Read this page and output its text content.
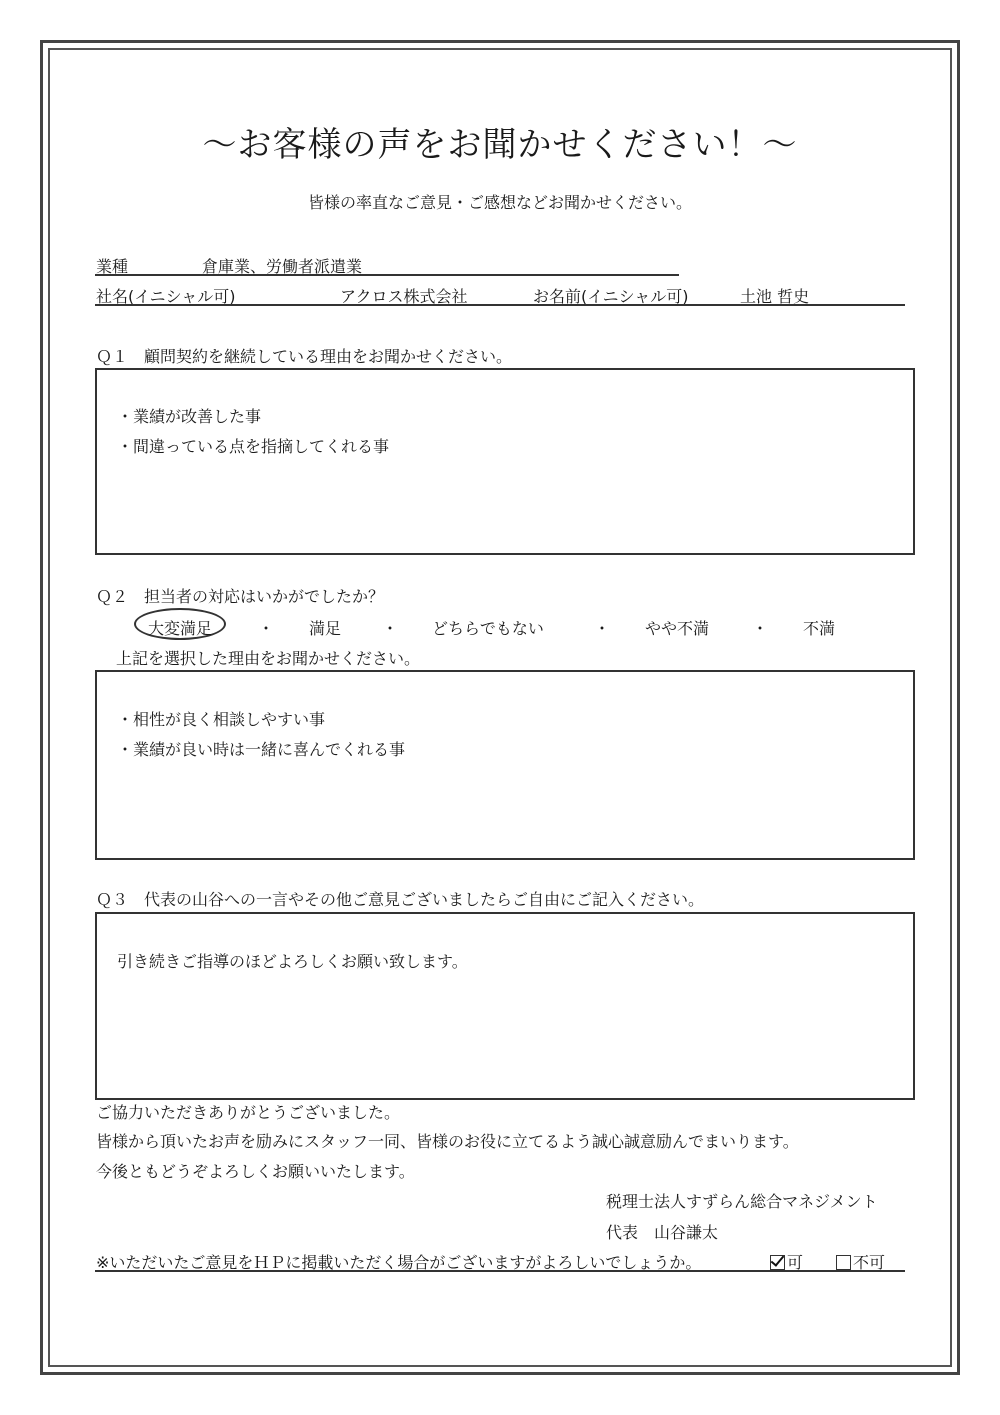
〜お客様の声をお聞かせください！〜
皆様の率直なご意見・ご感想などお聞かせください。
業種	倉庫業、労働者派遣業
社名(イニシャル可)	アクロス株式会社	お名前(イニシャル可)	土池 哲史
Ｑ１　顧問契約を継続している理由をお聞かせください。
・業績が改善した事
・間違っている点を指摘してくれる事
Ｑ２　担当者の対応はいかがでしたか？
大変満足	・ 満足	・ どちらでもない	・ やや不満	・ 不満
上記を選択した理由をお聞かせください。
・相性が良く相談しやすい事
・業績が良い時は一緒に喜んでくれる事
Ｑ３　代表の山谷への一言やその他ご意見ございましたらご自由にご記入ください。
引き続きご指導のほどよろしくお願い致します。
ご協力いただきありがとうございました。
皆様から頂いたお声を励みにスタッフ一同、皆様のお役に立てるよう誠心誠意励んでまいります。
今後ともどうぞよろしくお願いいたします。
税理士法人すずらん総合マネジメント
代表　山谷謙太
※いただいたご意見をＨＰに掲載いただく場合がございますがよろしいでしょうか。	可	不可
